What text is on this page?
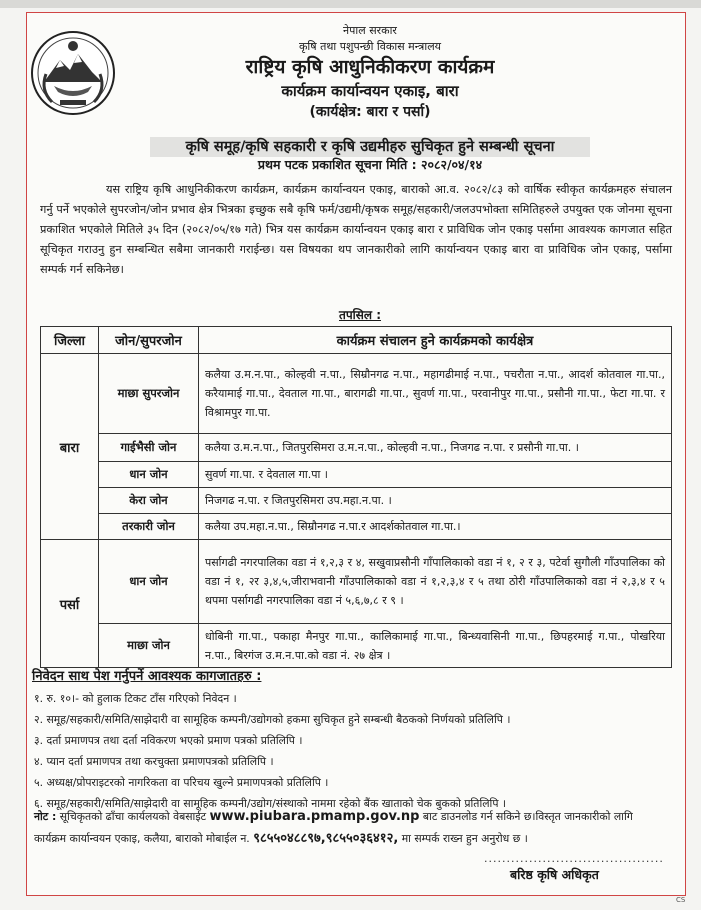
नेपाल सरकार
कृषि तथा पशुपन्छी विकास मन्त्रालय
राष्ट्रिय कृषि आधुनिकीकरण कार्यक्रम
कार्यक्रम कार्यान्वयन एकाइ, बारा
(कार्यक्षेत्र: बारा र पर्सा)
कृषि समूह/कृषि सहकारी र कृषि उद्यमीहरु सुचिकृत हुने सम्बन्धी सूचना
प्रथम पटक प्रकाशित सूचना मिति : २०८२/०४/१४
यस राष्ट्रिय कृषि आधुनिकीकरण कार्यक्रम, कार्यक्रम कार्यान्वयन एकाइ, बाराको आ.व. २०८२/८३ को वार्षिक स्वीकृत कार्यक्रमहरु संचालन गर्नु पर्ने भएकोले सुपरजोन/जोन प्रभाव क्षेत्र भित्रका इच्छुक सबै कृषि फर्म/उद्यमी/कृषक समूह/सहकारी/जलउपभोक्ता समितिहरुले उपयुक्त एक जोनमा सूचना प्रकाशित भएकोले मितिले ३५ दिन (२०८२/०५/१७ गते) भित्र यस कार्यक्रम कार्यान्वयन एकाइ बारा र प्राविधिक जोन एकाइ पर्सामा आवश्यक कागजात सहित सूचिकृत गराउनु हुन सम्बन्धित सबैमा जानकारी गराईन्छ। यस विषयका थप जानकारीको लागि कार्यान्वयन एकाइ बारा वा प्राविधिक जोन एकाइ, पर्सामा सम्पर्क गर्न सकिनेछ।
तपसिल :
जिल्ला	जोन/सुपरजोन	कार्यक्रम संचालन हुने कार्यक्रमको कार्यक्षेत्र
बारा	माछा सुपरजोन	कलैया उ.म.न.पा., कोल्हवी न.पा., सिम्रौनगढ न.पा., महागढीमाई न.पा., पचरौता न.पा., आदर्श कोतवाल गा.पा., करैयामाई गा.पा., देवताल गा.पा., बारागढी गा.पा., सुवर्ण गा.पा., परवानीपुर गा.पा., प्रसौनी गा.पा., फेटा गा.पा. र विश्रामपुर गा.पा.
	गाईभैसी जोन	कलैया उ.म.न.पा., जितपुरसिमरा उ.म.न.पा., कोल्हवी न.पा., निजगढ न.पा. र प्रसौनी गा.पा. ।
	धान जोन	सुवर्ण गा.पा. र देवताल गा.पा ।
	केरा जोन	निजगढ न.पा. र जितपुरसिमरा उप.महा.न.पा. ।
	तरकारी जोन	कलैया उप.महा.न.पा., सिम्रौनगढ न.पा.र आदर्शकोतवाल गा.पा.।
पर्सा	धान जोन	पर्सागढी नगरपालिका वडा नं १,२,३ र ४, सखुवाप्रसौनी गाँपालिकाको वडा नं १, २ र ३, पटेर्वा सुगौली गाँउपालिका को वडा नं १, २र ३,४,५,जीराभवानी गाँउपालिकाको वडा नं १,२,३,४ र ५ तथा ठोरी गाँउपालिकाको वडा नं २,३,४ र ५ थपमा पर्सागढी नगरपालिका वडा नं ५,६,७,८ र ९ ।
	माछा जोन	धोबिनी गा.पा., पकाहा मैनपुर गा.पा., कालिकामाई गा.पा., बिन्ध्यवासिनी गा.पा., छिपहरमाई ग.पा., पोखरिया न.पा., बिरगंज उ.म.न.पा.को वडा नं. २७ क्षेत्र ।
निवेदन साथ पेश गर्नुपर्ने आवश्यक कागजातहरु :
१. रु. १०।- को हुलाक टिकट टाँस गरिएको निवेदन ।
२. समूह/सहकारी/समिति/साझेदारी वा सामूहिक कम्पनी/उद्योगको हकमा सुचिकृत हुने सम्बन्धी बैठकको निर्णयको प्रतिलिपि ।
३. दर्ता प्रमाणपत्र तथा दर्ता नविकरण भएको प्रमाण पत्रको प्रतिलिपि ।
४. प्यान दर्ता प्रमाणपत्र तथा करचुक्ता प्रमाणपत्रको प्रतिलिपि ।
५. अध्यक्ष/प्रोपराइटरको नागरिकता वा परिचय खुल्ने प्रमाणपत्रको प्रतिलिपि ।
६. समूह/सहकारी/समिति/साझेदारी वा सामूहिक कम्पनी/उद्योग/संस्थाको नाममा रहेको बैंक खाताको चेक बुकको प्रतिलिपि ।
नोट : सूचिकृतको ढाँचा कार्यलयको वेबसाईट www.piubara.pmamp.gov.np बाट डाउनलोड गर्न सकिने छ।विस्तृत जानकारीको लागि कार्यक्रम कार्यान्वयन एकाइ, कलैया, बाराको मोबाईल न. ९८५५०४८८९७,९८५५०३६४१२, मा सम्पर्क राख्न हुन अनुरोध छ ।
........................................
बरिष्ठ कृषि अधिकृत
CS
